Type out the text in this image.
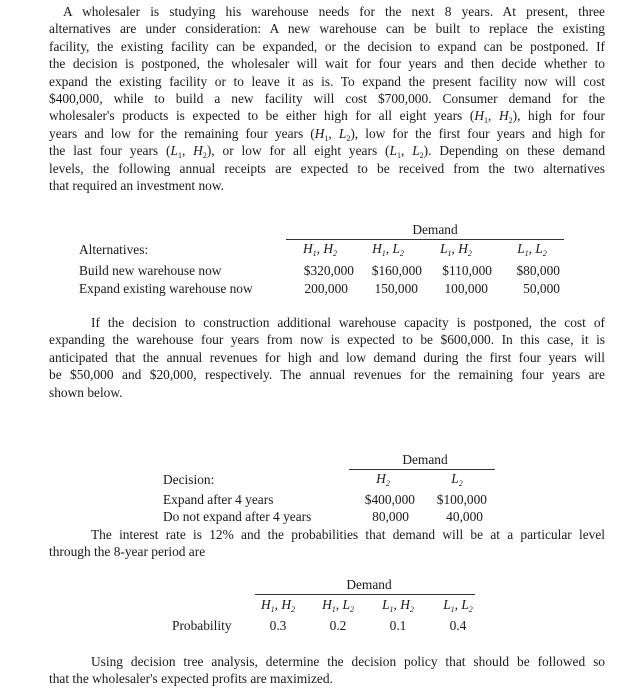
A wholesaler is studying his warehouse needs for the next 8 years. At present, three
alternatives are under consideration: A new warehouse can be built to replace the existing
facility, the existing facility can be expanded, or the decision to expand can be postponed. If
the decision is postponed, the wholesaler will wait for four years and then decide whether to
expand the existing facility or to leave it as is. To expand the present facility now will cost
$400,000, while to build a new facility will cost $700,000. Consumer demand for the
wholesaler's products is expected to be either high for all eight years ($H_1$, $H_2$), high for four
years and low for the remaining four years ($H_1$, $L_2$), low for the first four years and high for
the last four years ($L_1$, $H_2$), or low for all eight years ($L_1$, $L_2$). Depending on these demand
levels, the following annual receipts are expected to be received from the two alternatives
that required an investment now.
Demand
Alternatives:	$H_1$, $H_2$	$H_1$, $L_2$	$L_1$, $H_2$	$L_1$, $L_2$
Build new warehouse now	$320,000	$160,000	$110,000	$80,000
Expand existing warehouse now	200,000	150,000	100,000	50,000
If the decision to construction additional warehouse capacity is postponed, the cost of
expanding the warehouse four years from now is expected to be $600,000. In this case, it is
anticipated that the annual revenues for high and low demand during the first four years will
be $50,000 and $20,000, respectively. The annual revenues for the remaining four years are
shown below.
Demand
Decision:	$H_2$	$L_2$
Expand after 4 years	$400,000	$100,000
Do not expand after 4 years	80,000	40,000
The interest rate is 12% and the probabilities that demand will be at a particular level
through the 8-year period are
Demand
$H_1$, $H_2$	$H_1$, $L_2$	$L_1$, $H_2$	$L_1$, $L_2$
Probability	0.3	0.2	0.1	0.4
Using decision tree analysis, determine the decision policy that should be followed so
that the wholesaler's expected profits are maximized.
